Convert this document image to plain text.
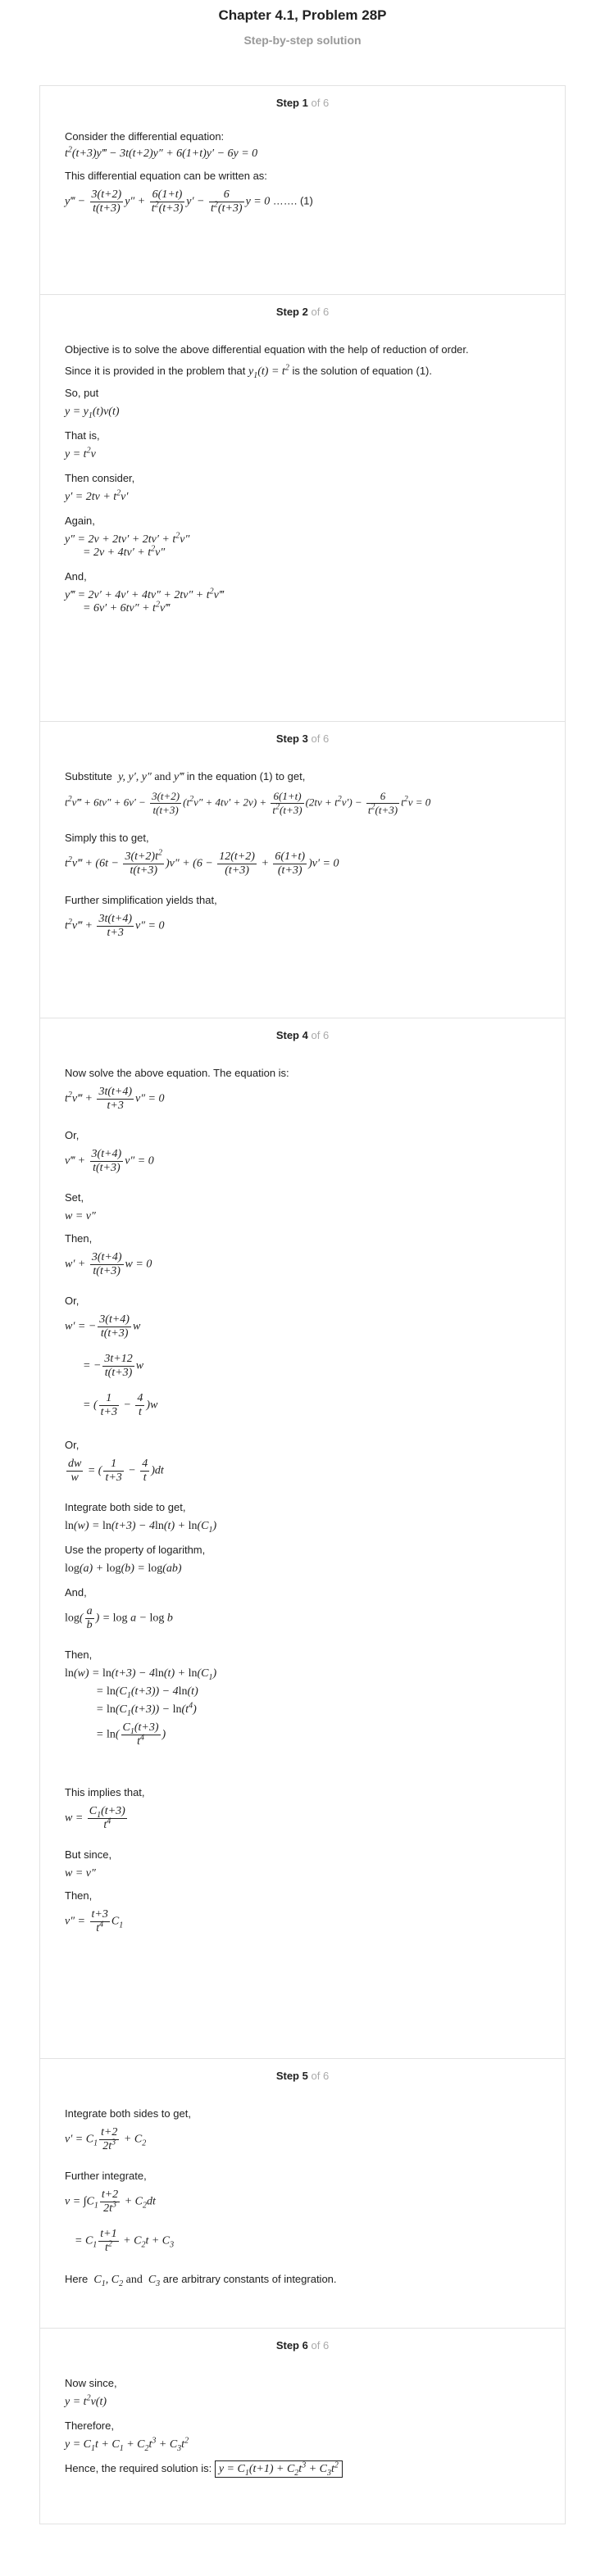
Chapter 4.1, Problem 28P
Step-by-step solution
Step 1 of 6

Consider the differential equation:

$t^2(t+3)y‴ - 3t(t+2)y'' + 6(1+t)y' - 6y = 0$

This differential equation can be written as:

y‴ − $\frac{3(t+2)}{t(t+3)} y'' + \frac{6(1+t)}{t^2(t+3)} y' - \frac{6}{t^2(t+3)}$ y = 0 ……. (1)
Step 2 of 6

Objective is to solve the above differential equation with the help of reduction of order.

Since it is provided in the problem that $y_1(t) = t^2$ is the solution of equation (1).

So, put

$y = y_1(t)v(t)$

That is,

$y = t^2v$

Then consider,

$y' = 2tv + t^2v'$

Again,

$y'' = 2v + 2tv' + 2tv' + t^2v''$
= $2v + 4tv' + t^2v''$

And,

y‴ = $2v' + 4v' + 4tv'' + 2tv'' + t^2v‴$
= $6v' + 6tv'' + t^2v‴$
Step 3 of 6

Substitute y, y′, y″ and y‴ in the equation (1) to get,

$t^2v‴ + 6tv'' + 6v' - \frac{3(t+2)}{t(t+3)} (t^2v'' + 4tv' + 2v) + \frac{6(1+t)}{t^2(t+3)} (2tv + t^2v') - \frac{6}{t^2(t+3)} t^2v = 0$

Simply this to get,

$t^2v‴ + (6t - \frac{3(t+2)t^2}{t(t+3)} )v'' + (6 - \frac{12(t+2)}{(t+3)} + \frac{6(1+t)}{(t+3)} )v' = 0$

Further simplification yields that,

$t^2v‴ + \frac{3t(t+4)}{t+3} v'' = 0$
Step 4 of 6

Now solve the above equation. The equation is:

$t^2v‴ + \frac{3t(t+4)}{t+3} v'' = 0$

Or,

v‴ + $\frac{3(t+4)}{t(t+3)} v'' = 0$

Set,

w = v″

Then,

$w' + \frac{3(t+4)}{t(t+3)}$ w = 0

Or,

w′ = − $\frac{3(t+4)}{t(t+3)}$ w
= − $\frac{3t+12}{t(t+3)}$ w
= ( $\frac{1}{t+3} - \frac{4}{t} )w$

Or,

$\frac{dw}{w}$ = ( $\frac{1}{t+3} - \frac{4}{t} )dt$

Integrate both side to get,

$\ln(w) = \ln(t+3) - 4\ln(t) + \ln(C_1)$

Use the property of logarithm,

log(a) + log(b) = log(ab)

And,

$\log( \frac{a}{b}$ ) = log a − log b

Then,

$\ln(w) = \ln(t+3) - 4\ln(t) + \ln(C_1)$
= $\ln(C_1(t+3)) - 4\ln(t)$
= $\ln(C_1(t+3)) - \ln(t^4)$
= $\ln( \frac{C_1(t+3)}{t^4}$ )

This implies that,

$w = \frac{C_1(t+3)}{t^4}$

But since,

w = v″

Then,

$v'' = \frac{t+3}{t^4} C_1$
Step 5 of 6

Integrate both sides to get,

$v' = C_1 \frac{t+2}{2t^3} + C_2$

Further integrate,

$v = \int C_1 \frac{t+2}{2t^3} + C_2dt$
= $C_1 \frac{t+1}{t^2} + C_2t + C_3$

Here $C_1$, $C_2$ and  $C_3$ are arbitrary constants of integration.

Step 6 of 6

Now since,

$y = t^2v(t)$

Therefore,

$y = C_1t + C_1 + C_2t^3 + C_3t^2$

Hence, the required solution is: $y = C_1(t+1) + C_2t^3 + C_3t^2$
